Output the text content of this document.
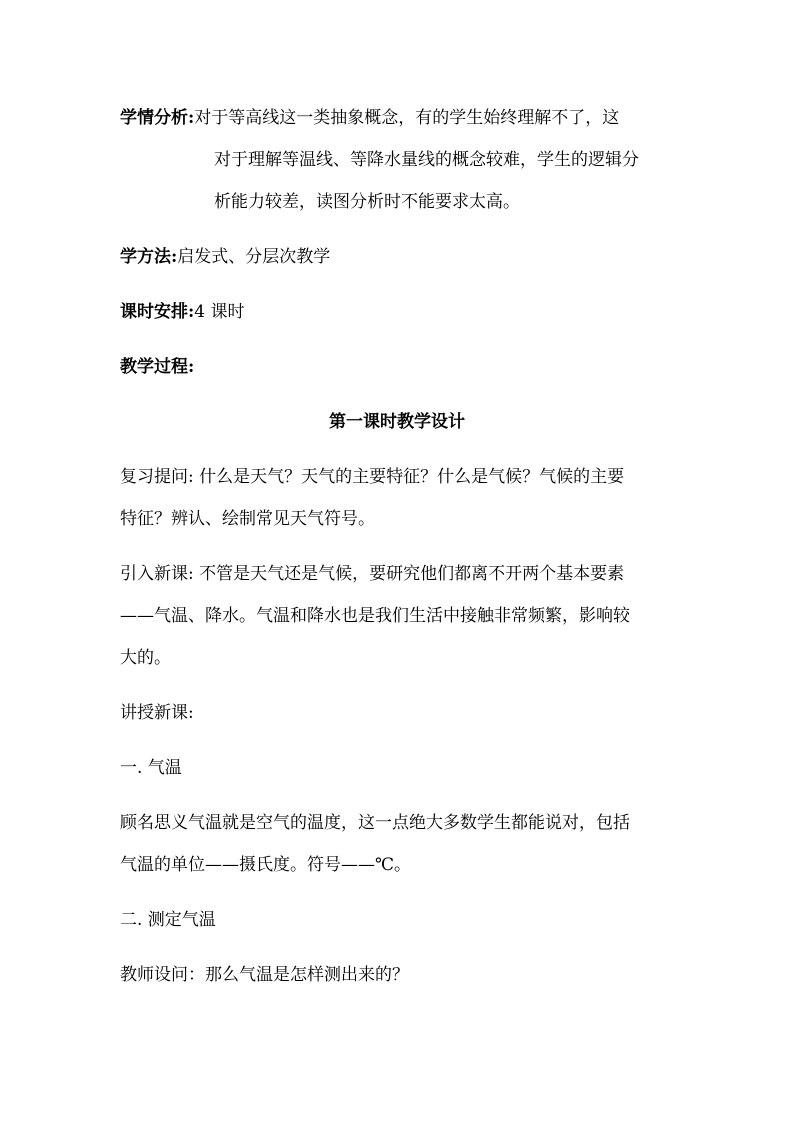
学情分析:对于等高线这一类抽象概念，有的学生始终理解不了，这
对于理解等温线、等降水量线的概念较难，学生的逻辑分
析能力较差，读图分析时不能要求太高。
学方法:启发式、分层次教学
课时安排:4 课时
教学过程:
第一课时教学设计
复习提问: 什么是天气？天气的主要特征？什么是气候？气候的主要
特征？辨认、绘制常见天气符号。
引入新课: 不管是天气还是气候，要研究他们都离不开两个基本要素
——气温、降水。气温和降水也是我们生活中接触非常频繁，影响较
大的。
讲授新课:
一. 气温
顾名思义气温就是空气的温度，这一点绝大多数学生都能说对，包括
气温的单位——摄氏度。符号——℃。
二. 测定气温
教师设问：那么气温是怎样测出来的？
